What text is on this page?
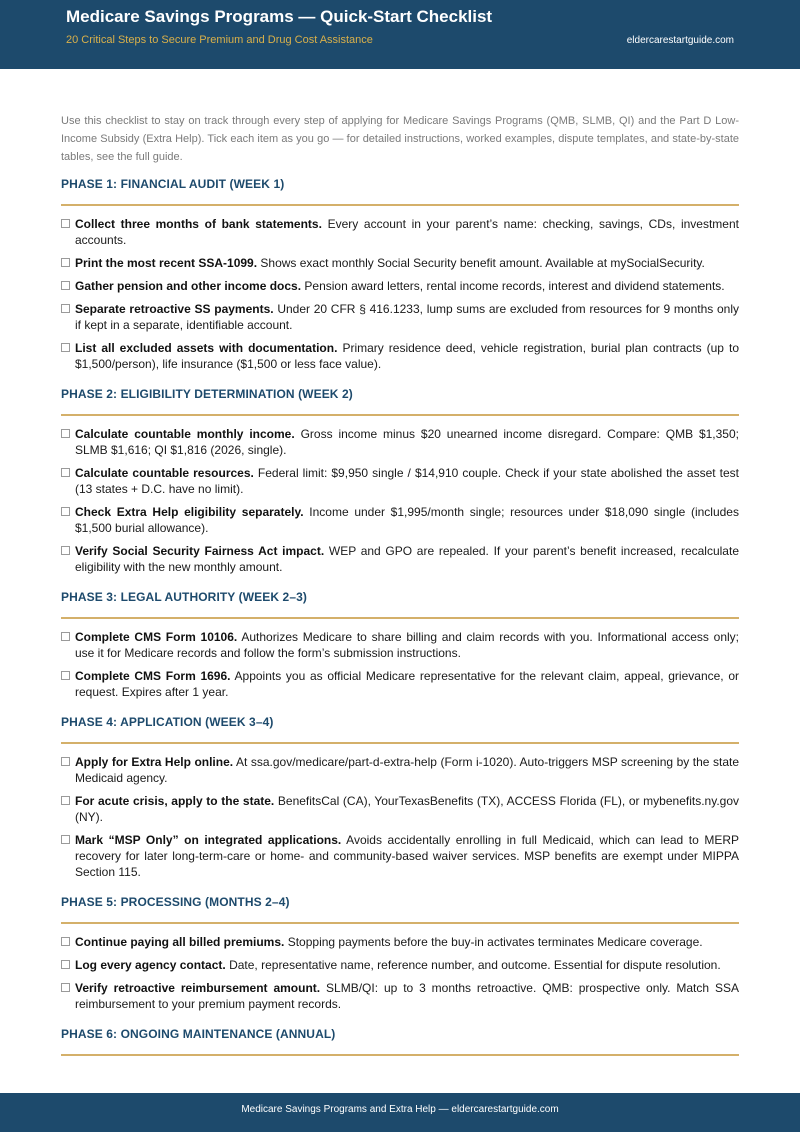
Medicare Savings Programs — Quick-Start Checklist
20 Critical Steps to Secure Premium and Drug Cost Assistance	eldercarestartguide.com

Use this checklist to stay on track through every step of applying for Medicare Savings Programs (QMB, SLMB, QI) and the Part D Low-Income Subsidy (Extra Help). Tick each item as you go — for detailed instructions, worked examples, dispute templates, and state-by-state tables, see the full guide.

PHASE 1: FINANCIAL AUDIT (WEEK 1)
Collect three months of bank statements. Every account in your parent’s name: checking, savings, CDs, investment accounts.
Print the most recent SSA-1099. Shows exact monthly Social Security benefit amount. Available at mySocialSecurity.
Gather pension and other income docs. Pension award letters, rental income records, interest and dividend statements.
Separate retroactive SS payments. Under 20 CFR § 416.1233, lump sums are excluded from resources for 9 months only if kept in a separate, identifiable account.
List all excluded assets with documentation. Primary residence deed, vehicle registration, burial plan contracts (up to $1,500/person), life insurance ($1,500 or less face value).
PHASE 2: ELIGIBILITY DETERMINATION (WEEK 2)
Calculate countable monthly income. Gross income minus $20 unearned income disregard. Compare: QMB $1,350; SLMB $1,616; QI $1,816 (2026, single).
Calculate countable resources. Federal limit: $9,950 single / $14,910 couple. Check if your state abolished the asset test (13 states + D.C. have no limit).
Check Extra Help eligibility separately. Income under $1,995/month single; resources under $18,090 single (includes $1,500 burial allowance).
Verify Social Security Fairness Act impact. WEP and GPO are repealed. If your parent’s benefit increased, recalculate eligibility with the new monthly amount.
PHASE 3: LEGAL AUTHORITY (WEEK 2–3)
Complete CMS Form 10106. Authorizes Medicare to share billing and claim records with you. Informational access only; use it for Medicare records and follow the form’s submission instructions.
Complete CMS Form 1696. Appoints you as official Medicare representative for the relevant claim, appeal, grievance, or request. Expires after 1 year.
PHASE 4: APPLICATION (WEEK 3–4)
Apply for Extra Help online. At ssa.gov/medicare/part-d-extra-help (Form i-1020). Auto-triggers MSP screening by the state Medicaid agency.
For acute crisis, apply to the state. BenefitsCal (CA), YourTexasBenefits (TX), ACCESS Florida (FL), or mybenefits.ny.gov (NY).
Mark “MSP Only” on integrated applications. Avoids accidentally enrolling in full Medicaid, which can lead to MERP recovery for later long-term-care or home- and community-based waiver services. MSP benefits are exempt under MIPPA Section 115.
PHASE 5: PROCESSING (MONTHS 2–4)
Continue paying all billed premiums. Stopping payments before the buy-in activates terminates Medicare coverage.
Log every agency contact. Date, representative name, reference number, and outcome. Essential for dispute resolution.
Verify retroactive reimbursement amount. SLMB/QI: up to 3 months retroactive. QMB: prospective only. Match SSA reimbursement to your premium payment records.
PHASE 6: ONGOING MAINTENANCE (ANNUAL)
Medicare Savings Programs and Extra Help — eldercarestartguide.com
